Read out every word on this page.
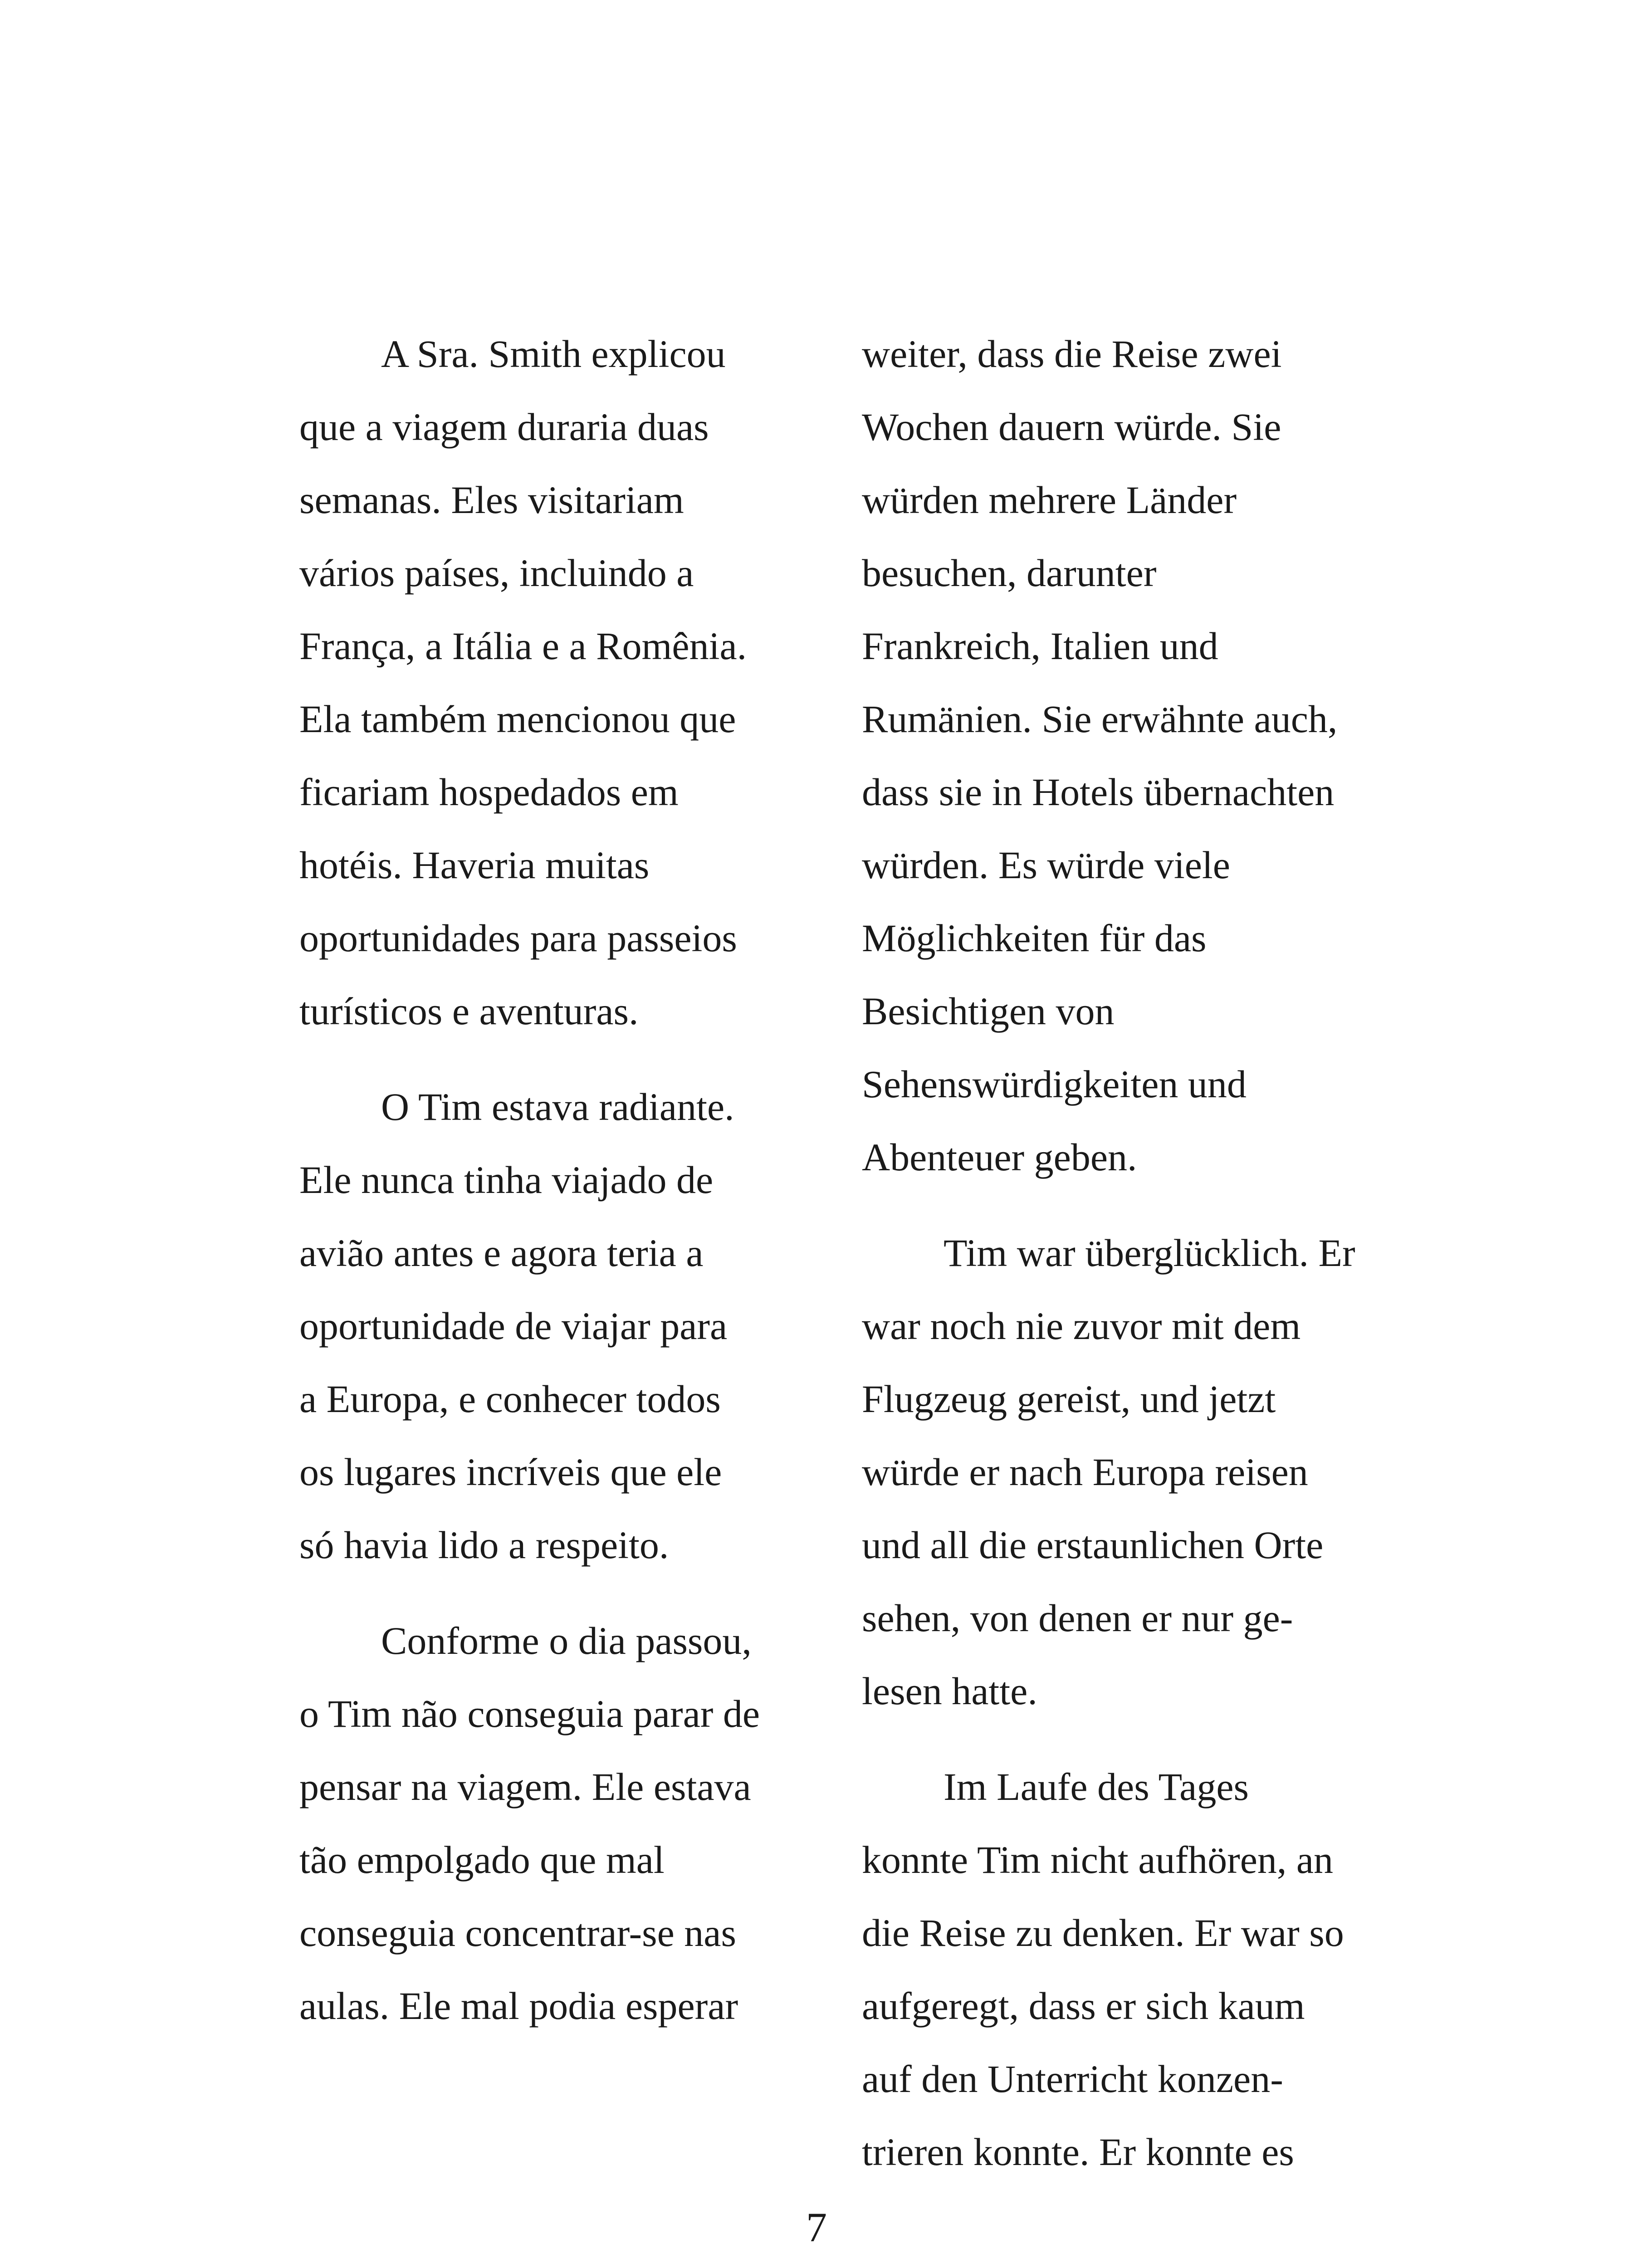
A Sra. Smith explicou
que a viagem duraria duas
semanas. Eles visitariam
vários países, incluindo a
França, a Itália e a Romênia.
Ela também mencionou que
ficariam hospedados em
hotéis. Haveria muitas
oportunidades para passeios
turísticos e aventuras.

O Tim estava radiante.
Ele nunca tinha viajado de
avião antes e agora teria a
oportunidade de viajar para
a Europa, e conhecer todos
os lugares incríveis que ele
só havia lido a respeito.

Conforme o dia passou,
o Tim não conseguia parar de
pensar na viagem. Ele estava
tão empolgado que mal
conseguia concentrar-se nas
aulas. Ele mal podia esperar

weiter, dass die Reise zwei
Wochen dauern würde. Sie
würden mehrere Länder
besuchen, darunter
Frankreich, Italien und
Rumänien. Sie erwähnte auch,
dass sie in Hotels übernachten
würden. Es würde viele
Möglichkeiten für das
Besichtigen von
Sehenswürdigkeiten und
Abenteuer geben.

Tim war überglücklich. Er
war noch nie zuvor mit dem
Flugzeug gereist, und jetzt
würde er nach Europa reisen
und all die erstaunlichen Orte
sehen, von denen er nur ge-
lesen hatte.

Im Laufe des Tages
konnte Tim nicht aufhören, an
die Reise zu denken. Er war so
aufgeregt, dass er sich kaum
auf den Unterricht konzen-
trieren konnte. Er konnte es

7
